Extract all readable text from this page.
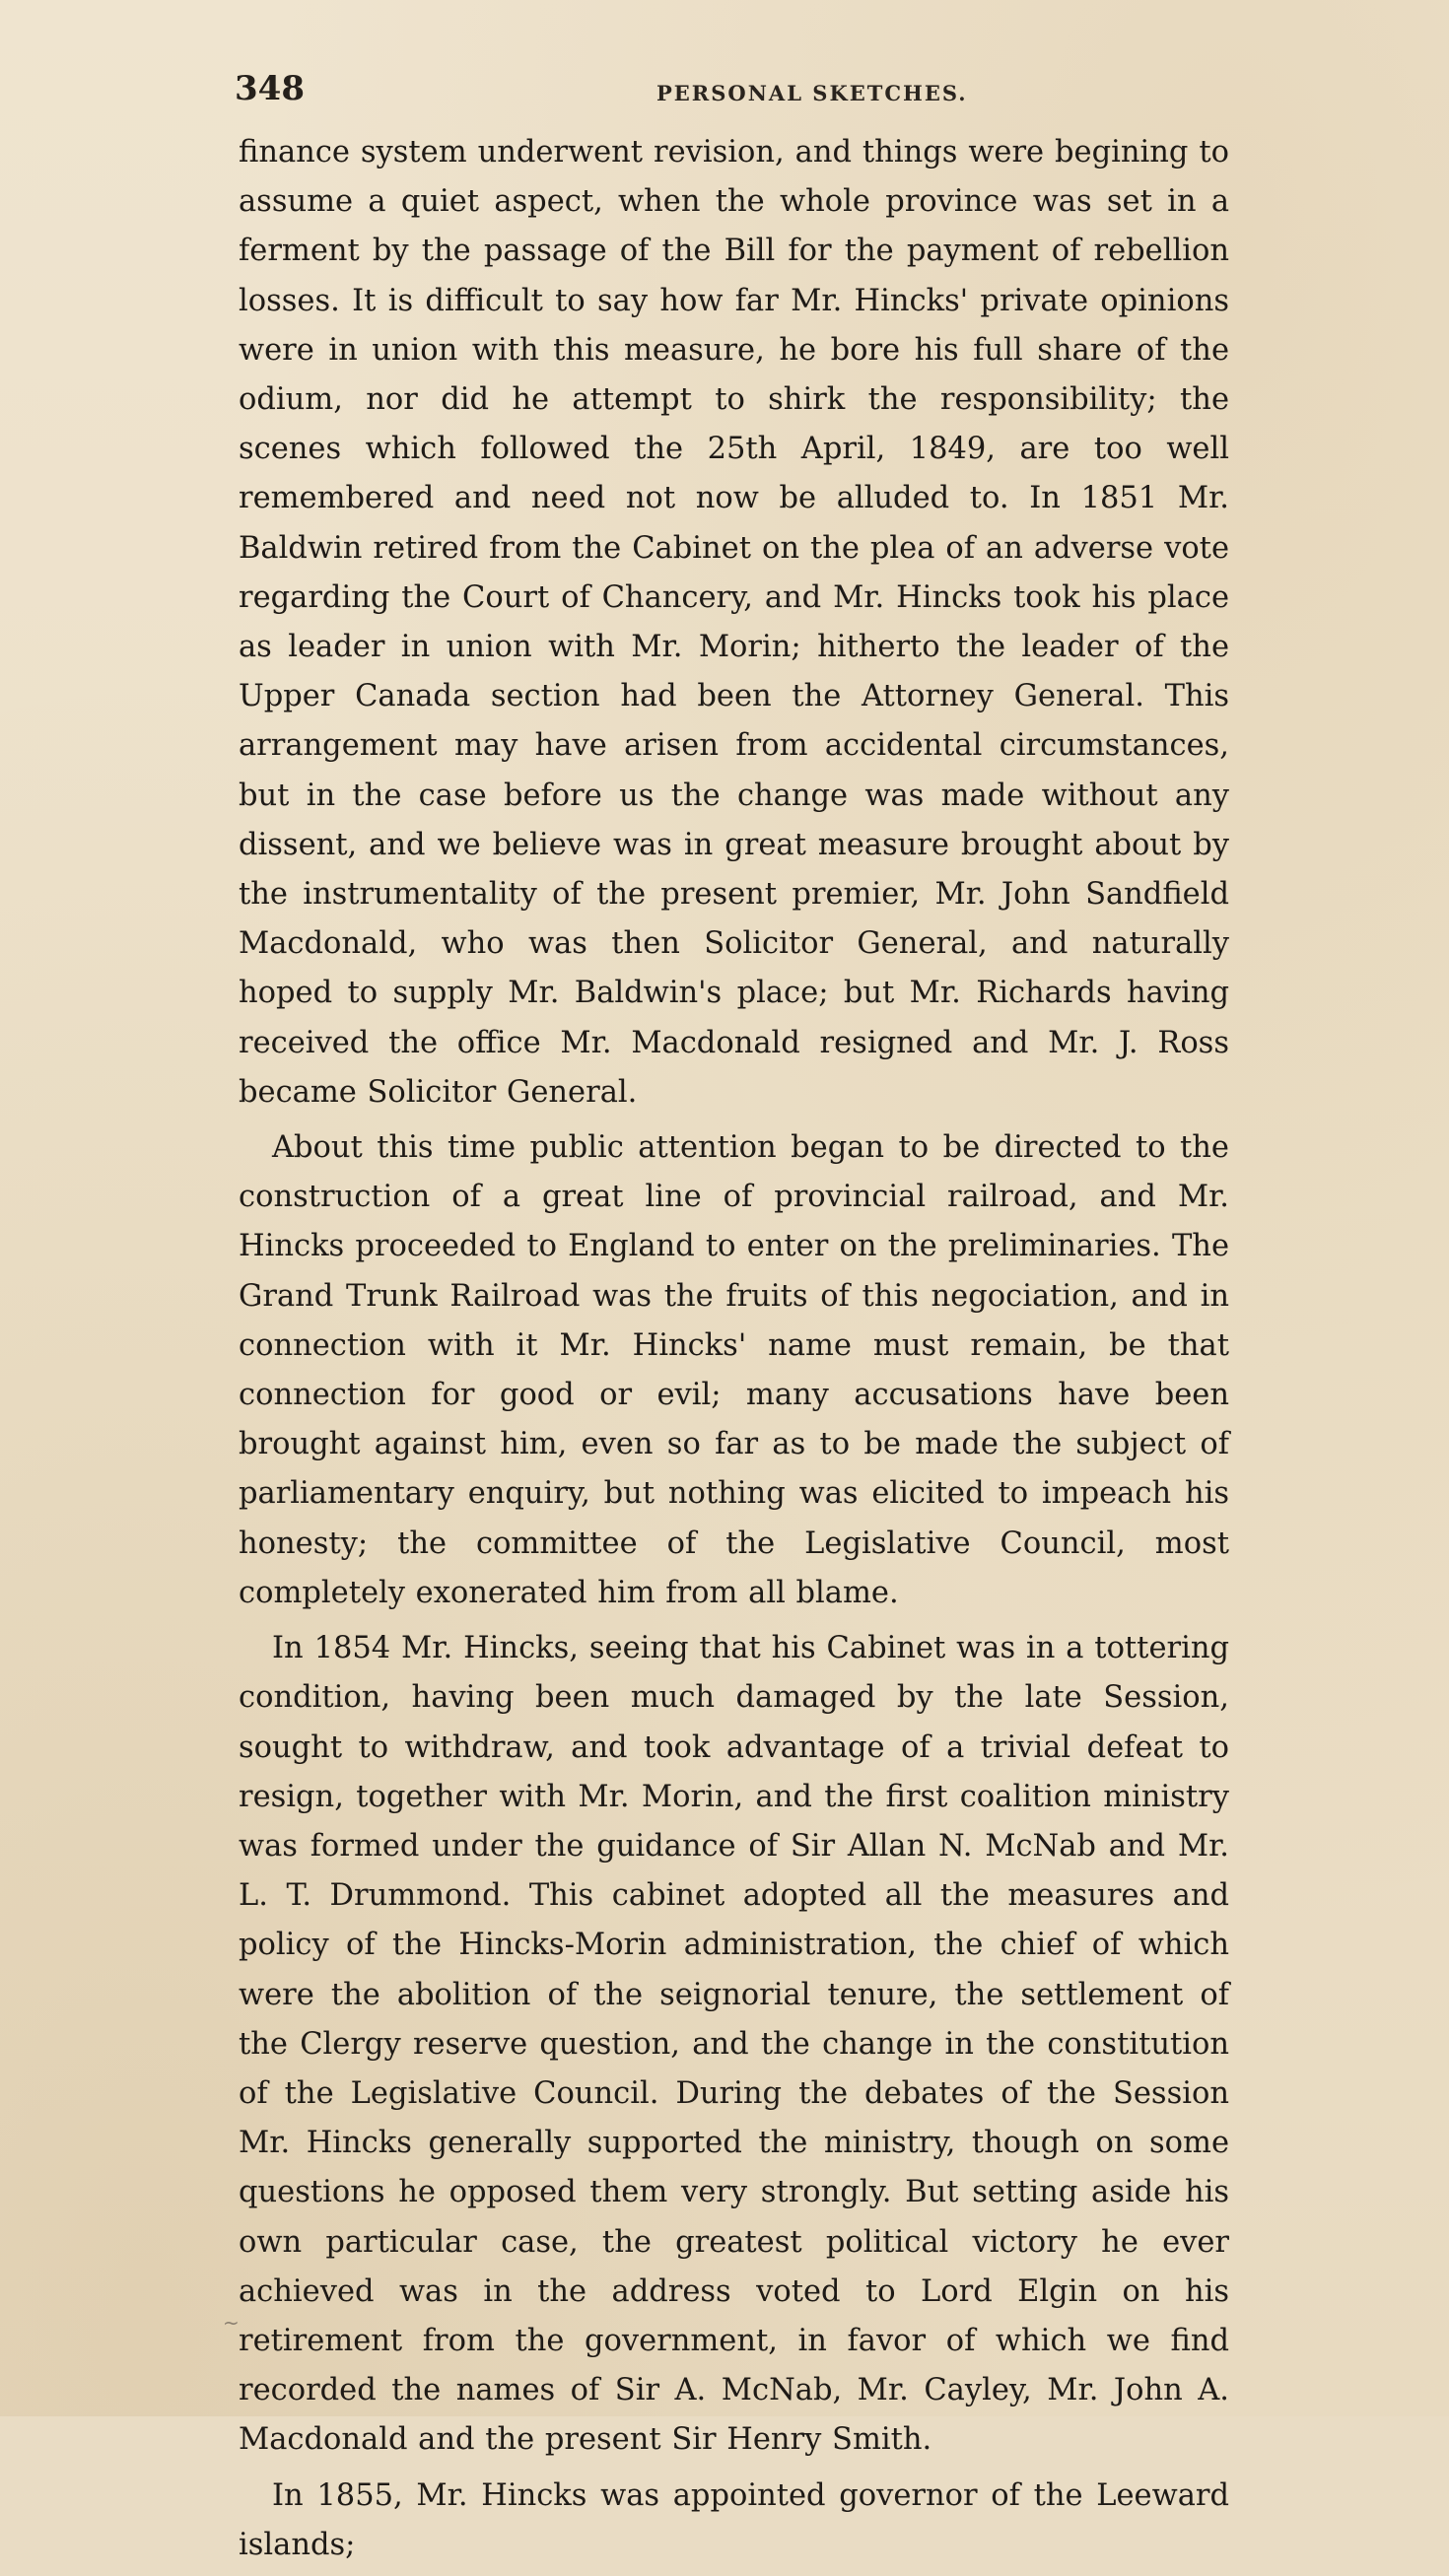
348	PERSONAL SKETCHES.

finance system underwent revision, and things were begining to assume a quiet aspect, when the whole province was set in a ferment by the passage of the Bill for the payment of rebellion losses. It is difficult to say how far Mr. Hincks' private opinions were in union with this measure, he bore his full share of the odium, nor did he attempt to shirk the responsibility; the scenes which followed the 25th April, 1849, are too well remembered and need not now be alluded to. In 1851 Mr. Baldwin retired from the Cabinet on the plea of an adverse vote regarding the Court of Chancery, and Mr. Hincks took his place as leader in union with Mr. Morin; hitherto the leader of the Upper Canada section had been the Attorney General. This arrangement may have arisen from accidental circumstances, but in the case before us the change was made without any dissent, and we believe was in great measure brought about by the instrumentality of the present premier, Mr. John Sandfield Macdonald, who was then Solicitor General, and naturally hoped to supply Mr. Baldwin's place; but Mr. Richards having received the office Mr. Macdonald resigned and Mr. J. Ross became Solicitor General.

About this time public attention began to be directed to the construction of a great line of provincial railroad, and Mr. Hincks proceeded to England to enter on the preliminaries. The Grand Trunk Railroad was the fruits of this negociation, and in connection with it Mr. Hincks' name must remain, be that connection for good or evil; many accusations have been brought against him, even so far as to be made the subject of parliamentary enquiry, but nothing was elicited to impeach his honesty; the committee of the Legislative Council, most completely exonerated him from all blame.

In 1854 Mr. Hincks, seeing that his Cabinet was in a tottering condition, having been much damaged by the late Session, sought to withdraw, and took advantage of a trivial defeat to resign, together with Mr. Morin, and the first coalition ministry was formed under the guidance of Sir Allan N. McNab and Mr. L. T. Drummond. This cabinet adopted all the measures and policy of the Hincks-Morin administration, the chief of which were the abolition of the seignorial tenure, the settlement of the Clergy reserve question, and the change in the constitution of the Legislative Council. During the debates of the Session Mr. Hincks generally supported the ministry, though on some questions he opposed them very strongly. But setting aside his own particular case, the greatest political victory he ever achieved was in the address voted to Lord Elgin on his retirement from the government, in favor of which we find recorded the names of Sir A. McNab, Mr. Cayley, Mr. John A. Macdonald and the present Sir Henry Smith.

In 1855, Mr. Hincks was appointed governor of the Leeward islands;

~
